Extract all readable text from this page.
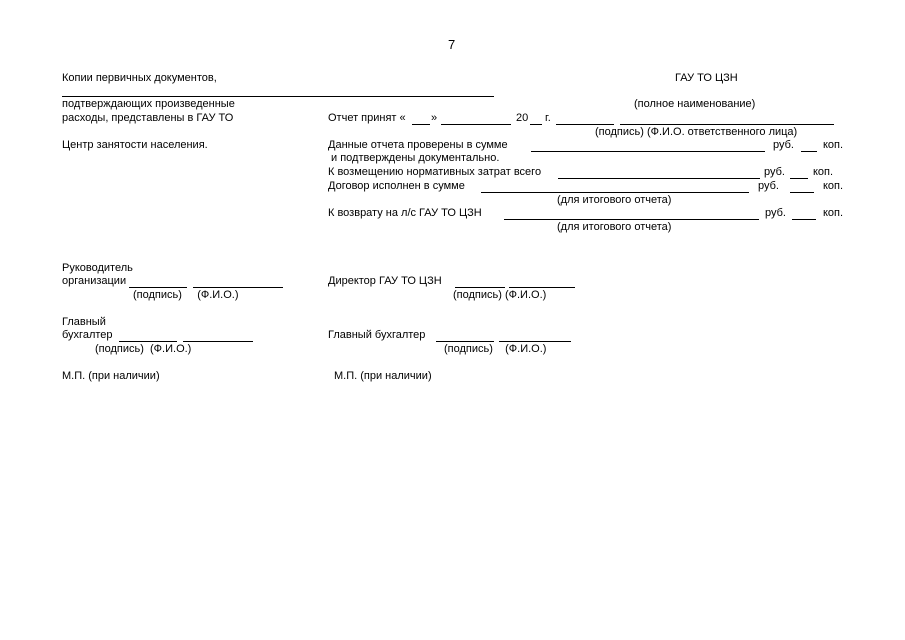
7
Копии первичных документов,
подтверждающих произведенные
расходы, представлены в ГАУ ТО
Центр занятости населения.
Руководитель
организации
(подпись)     (Ф.И.О.)
Главный
бухгалтер
(подпись)  (Ф.И.О.)
М.П. (при наличии)
ГАУ ТО ЦЗН
(полное наименование)
Отчет принят « »	20 г.
(подпись) (Ф.И.О. ответственного лица)
Данные отчета проверены в сумме	руб.	коп.
и подтверждены документально.
К возмещению нормативных затрат всего	руб.	коп.
Договор исполнен в сумме	руб.	коп.
(для итогового отчета)
К возврату на л/с ГАУ ТО ЦЗН	руб.	коп.
(для итогового отчета)
Директор ГАУ ТО ЦЗН
(подпись) (Ф.И.О.)
Главный бухгалтер
(подпись)    (Ф.И.О.)
М.П. (при наличии)
